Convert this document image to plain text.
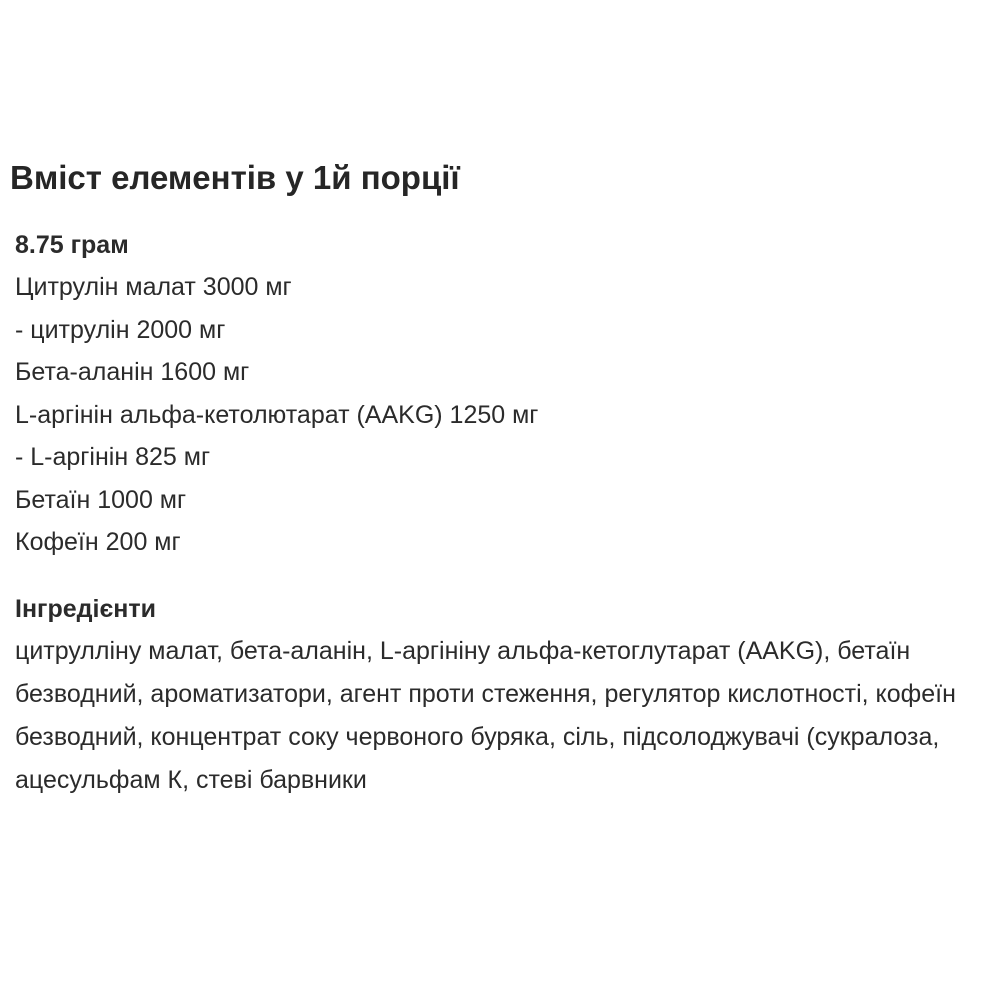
Вміст елементів у 1й порції
8.75 грам
Цитрулін малат 3000 мг
- цитрулін 2000 мг
Бета-аланін 1600 мг
L-аргінін альфа-кетолютарат (AAKG) 1250 мг
- L-аргінін 825 мг
Бетаїн 1000 мг
Кофеїн 200 мг
Інгредієнти

цитрулліну малат, бета-аланін, L-аргініну альфа-кетоглутарат (AAKG), бетаїн безводний, ароматизатори, агент проти стеження, регулятор кислотності, кофеїн безводний, концентрат соку червоного буряка, сіль, підсолоджувачі (сукралоза, ацесульфам К, стеві барвники
